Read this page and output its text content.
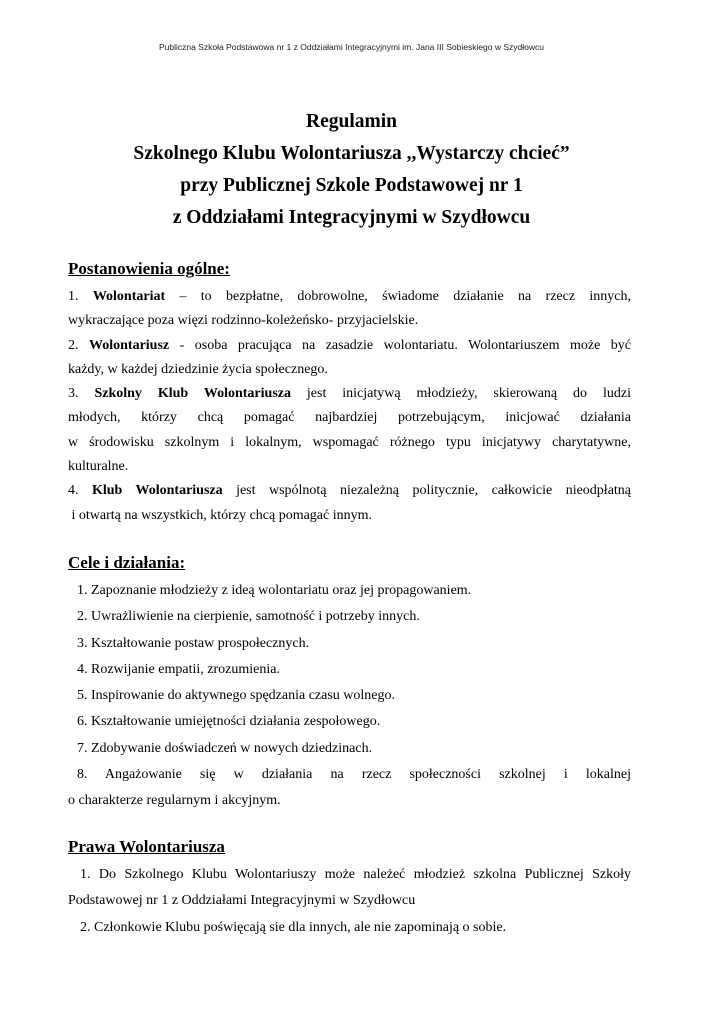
Publiczna Szkoła Podstawowa nr 1 z Oddziałami Integracyjnymi im. Jana III Sobieskiego w Szydłowcu
Regulamin
Szkolnego Klubu Wolontariusza ,,Wystarczy chcieć”
przy Publicznej Szkole Podstawowej nr 1
z Oddziałami Integracyjnymi w Szydłowcu
Postanowienia ogólne:
1. Wolontariat – to bezpłatne, dobrowolne, świadome działanie na rzecz innych,
wykraczające poza więzi rodzinno-koleżeńsko- przyjacielskie.
2. Wolontariusz - osoba pracująca na zasadzie wolontariatu. Wolontariuszem może być
każdy, w każdej dziedzinie życia społecznego.
3. Szkolny Klub Wolontariusza jest inicjatywą młodzieży, skierowaną do ludzi
młodych, którzy chcą pomagać najbardziej potrzebującym, inicjować działania
w środowisku szkolnym i lokalnym, wspomagać różnego typu inicjatywy charytatywne,
kulturalne.
4. Klub Wolontariusza jest wspólnotą niezależną politycznie, całkowicie nieodpłatną
i otwartą na wszystkich, którzy chcą pomagać innym.
Cele i działania:
1. Zapoznanie młodzieży z ideą wolontariatu oraz jej propagowaniem.
2. Uwrażliwienie na cierpienie, samotność i potrzeby innych.
3. Kształtowanie postaw prospołecznych.
4. Rozwijanie empatii, zrozumienia.
5. Inspirowanie do aktywnego spędzania czasu wolnego.
6. Kształtowanie umiejętności działania zespołowego.
7. Zdobywanie doświadczeń w nowych dziedzinach.
8. Angażowanie się w działania na rzecz społeczności szkolnej i lokalnej
o charakterze regularnym i akcyjnym.
Prawa Wolontariusza
1. Do Szkolnego Klubu Wolontariuszy może należeć młodzież szkolna Publicznej Szkoły
Podstawowej nr 1 z Oddziałami Integracyjnymi w Szydłowcu
2. Członkowie Klubu poświęcają sie dla innych, ale nie zapominają o sobie.
